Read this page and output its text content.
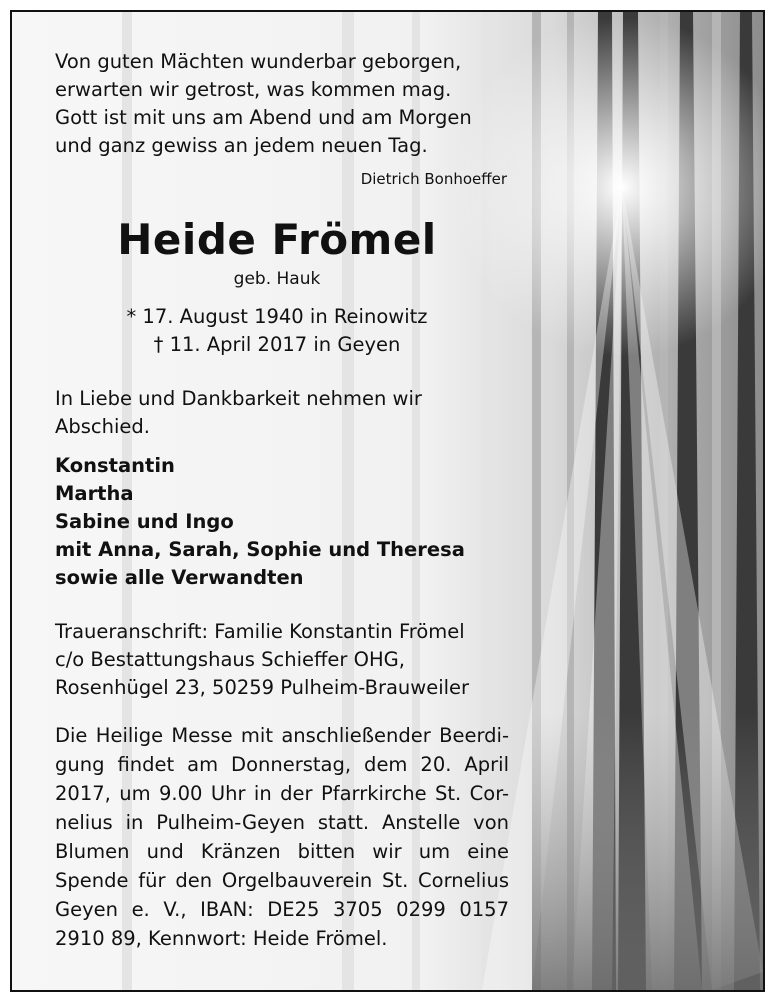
Von guten Mächten wunderbar geborgen,
erwarten wir getrost, was kommen mag.
Gott ist mit uns am Abend und am Morgen
und ganz gewiss an jedem neuen Tag.
Dietrich Bonhoeffer
Heide Frömel
geb. Hauk
* 17. August 1940 in Reinowitz
† 11. April 2017 in Geyen
In Liebe und Dankbarkeit nehmen wir
Abschied.
Konstantin
Martha
Sabine und Ingo
mit Anna, Sarah, Sophie und Theresa
sowie alle Verwandten
Traueranschrift: Familie Konstantin Frömel
c/o Bestattungshaus Schieffer OHG,
Rosenhügel 23, 50259 Pulheim-Brauweiler
Die Heilige Messe mit anschließender Beerdi-
gung findet am Donnerstag, dem 20. April
2017, um 9.00 Uhr in der Pfarrkirche St. Cor-
nelius in Pulheim-Geyen statt. Anstelle von
Blumen und Kränzen bitten wir um eine
Spende für den Orgelbauverein St. Cornelius
Geyen e. V., IBAN: DE25 3705 0299 0157
2910 89, Kennwort: Heide Frömel.
